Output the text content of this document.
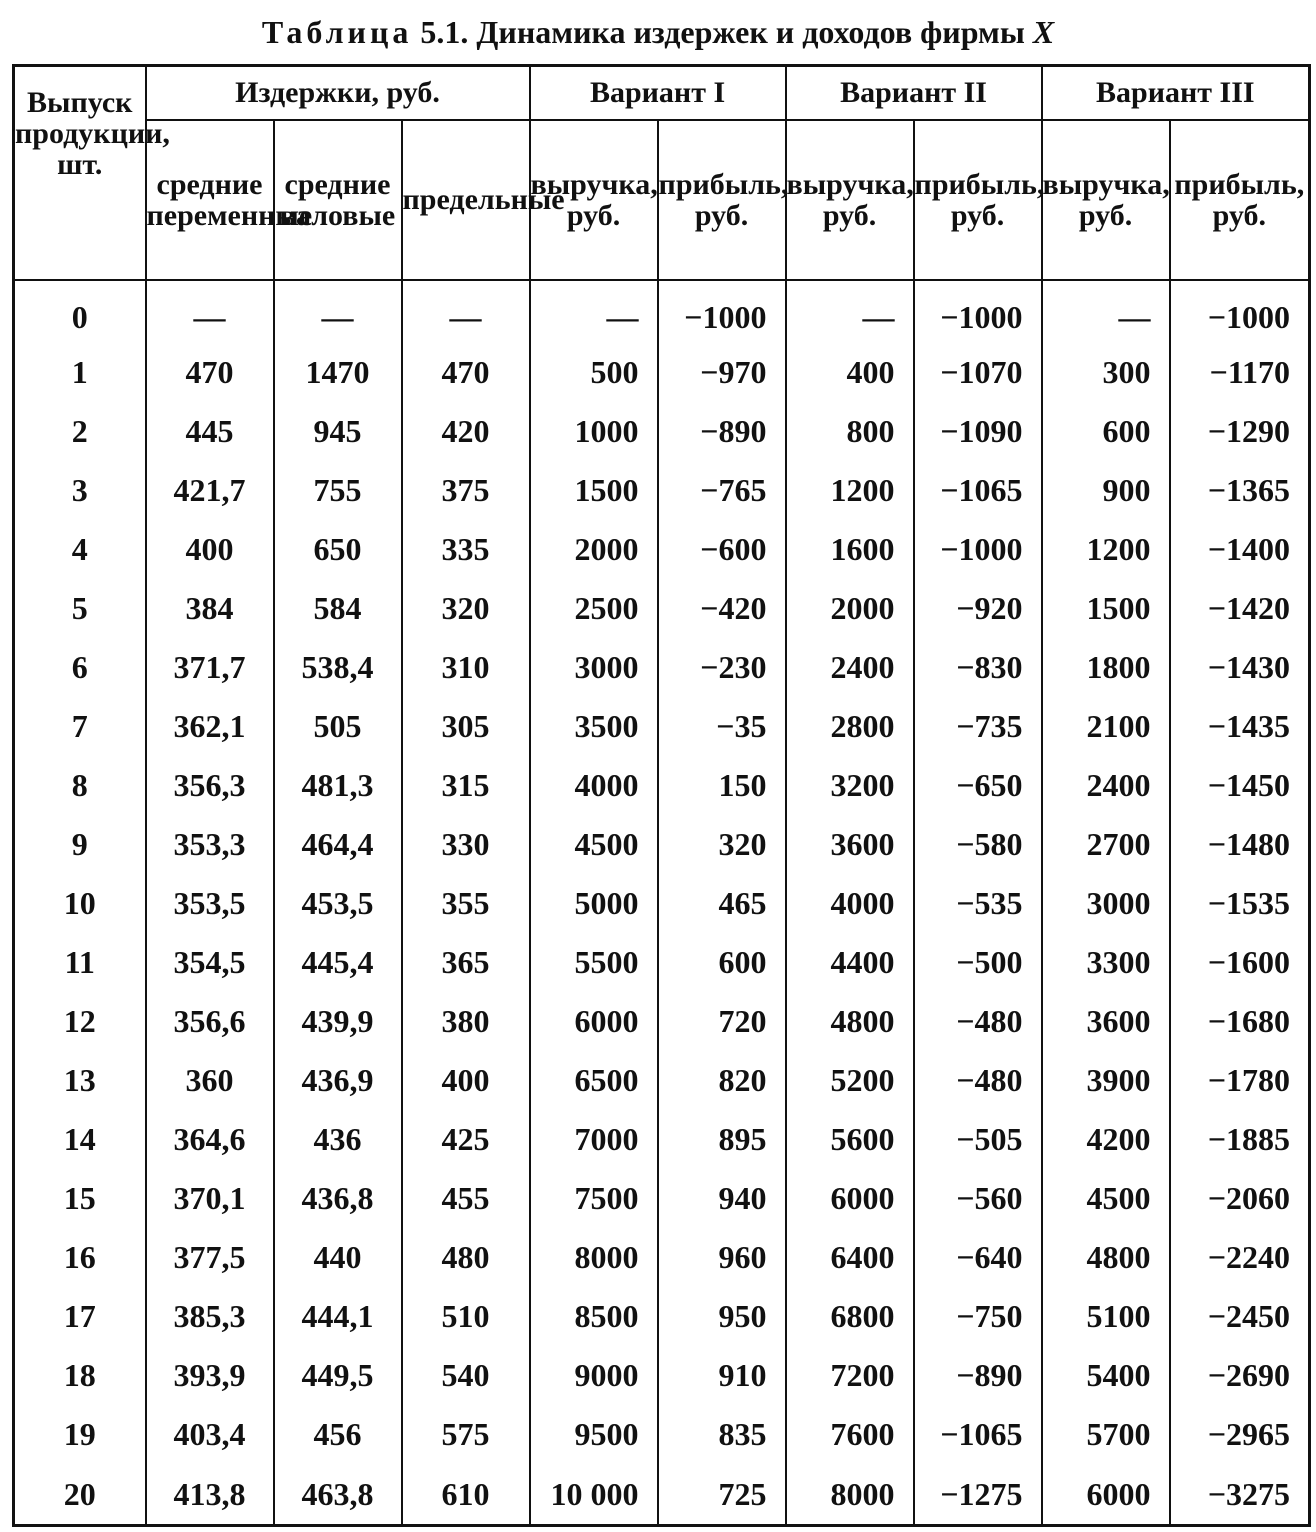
Таблица 5.1. Динамика издержек и доходов фирмы X
Выпуск продукции, шт.	Издержки, руб.			Вариант I		Вариант II		Вариант III	
	средние переменные	средние валовые	предельные	выручка, руб.	прибыль, руб.	выручка, руб.	прибыль, руб.	выручка, руб.	прибыль, руб.
0	—	—	—	—	−1000	—	−1000	—	−1000
1	470	1470	470	500	−970	400	−1070	300	−1170
2	445	945	420	1000	−890	800	−1090	600	−1290
3	421,7	755	375	1500	−765	1200	−1065	900	−1365
4	400	650	335	2000	−600	1600	−1000	1200	−1400
5	384	584	320	2500	−420	2000	−920	1500	−1420
6	371,7	538,4	310	3000	−230	2400	−830	1800	−1430
7	362,1	505	305	3500	−35	2800	−735	2100	−1435
8	356,3	481,3	315	4000	150	3200	−650	2400	−1450
9	353,3	464,4	330	4500	320	3600	−580	2700	−1480
10	353,5	453,5	355	5000	465	4000	−535	3000	−1535
11	354,5	445,4	365	5500	600	4400	−500	3300	−1600
12	356,6	439,9	380	6000	720	4800	−480	3600	−1680
13	360	436,9	400	6500	820	5200	−480	3900	−1780
14	364,6	436	425	7000	895	5600	−505	4200	−1885
15	370,1	436,8	455	7500	940	6000	−560	4500	−2060
16	377,5	440	480	8000	960	6400	−640	4800	−2240
17	385,3	444,1	510	8500	950	6800	−750	5100	−2450
18	393,9	449,5	540	9000	910	7200	−890	5400	−2690
19	403,4	456	575	9500	835	7600	−1065	5700	−2965
20	413,8	463,8	610	10 000	725	8000	−1275	6000	−3275
